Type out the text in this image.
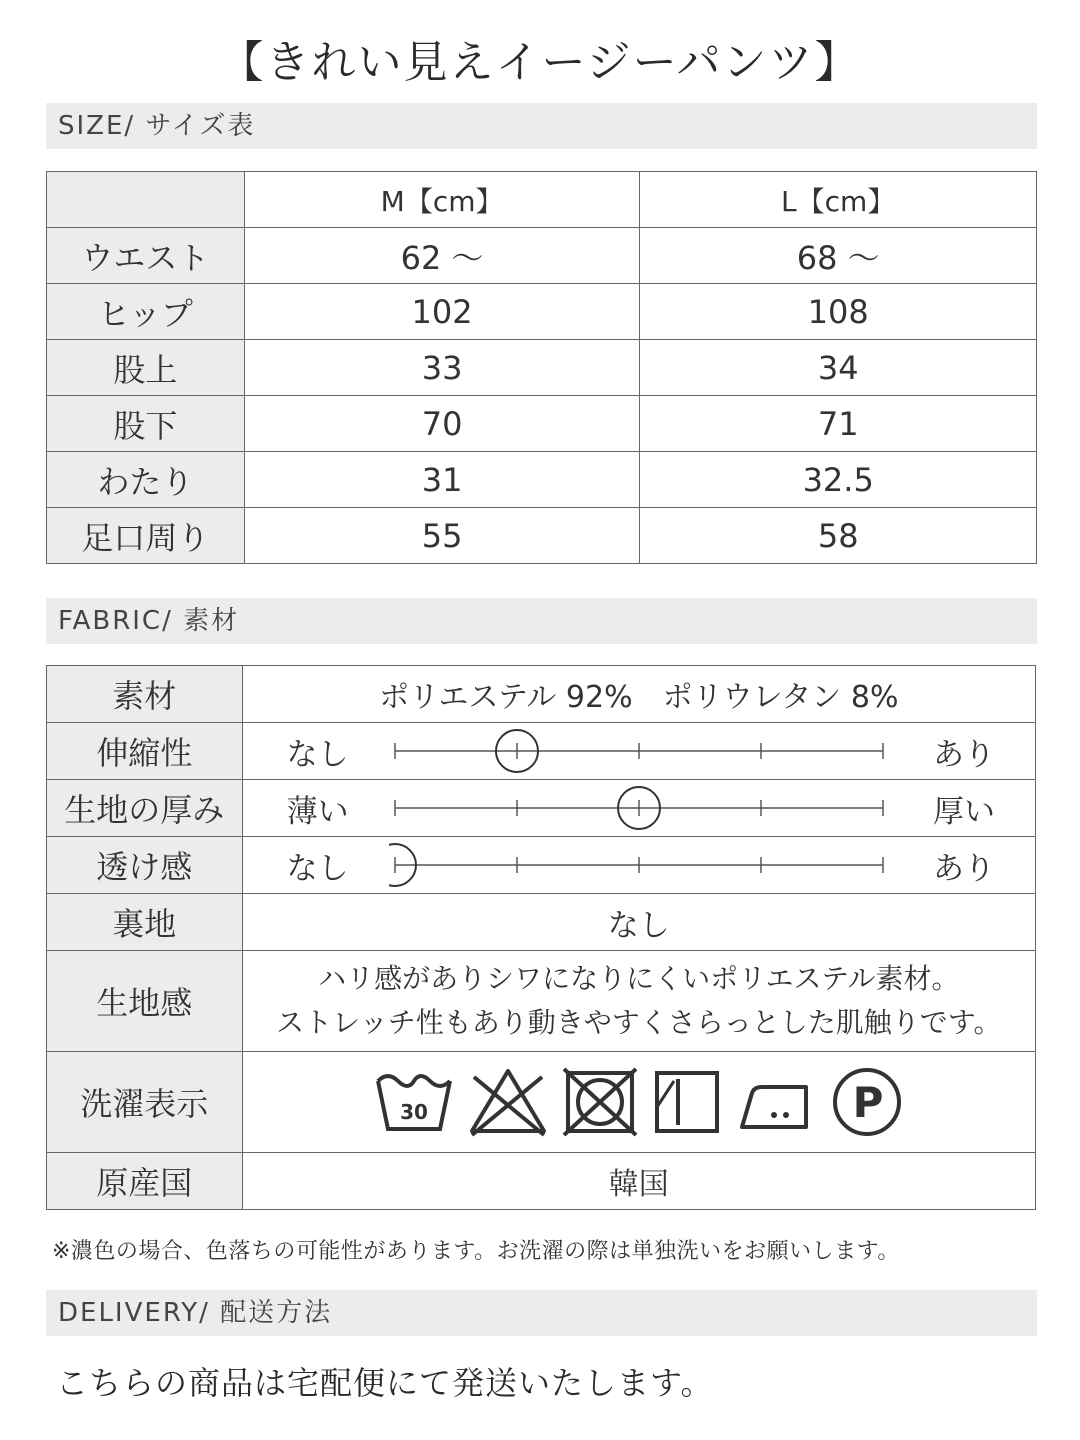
【きれい見えイージーパンツ】
SIZE/ サイズ表
	M【cm】	L【cm】
ウエスト	62 ～	68 ～
ヒップ	102	108
股上	33	34
股下	70	71
わたり	31	32.5
足口周り	55	58
FABRIC/ 素材
素材	ポリエステル 92%　ポリウレタン 8%
伸縮性	なし あり

生地の厚み	薄い 厚い

透け感	なし あり

裏地	なし
生地感	ハリ感がありシワになりにくいポリエステル素材。
ストレッチ性もあり動きやすくさらっとした肌触りです。

洗濯表示	30 P

原産国	韓国
※濃色の場合、色落ちの可能性があります。お洗濯の際は単独洗いをお願いします。
DELIVERY/ 配送方法
こちらの商品は宅配便にて発送いたします。
